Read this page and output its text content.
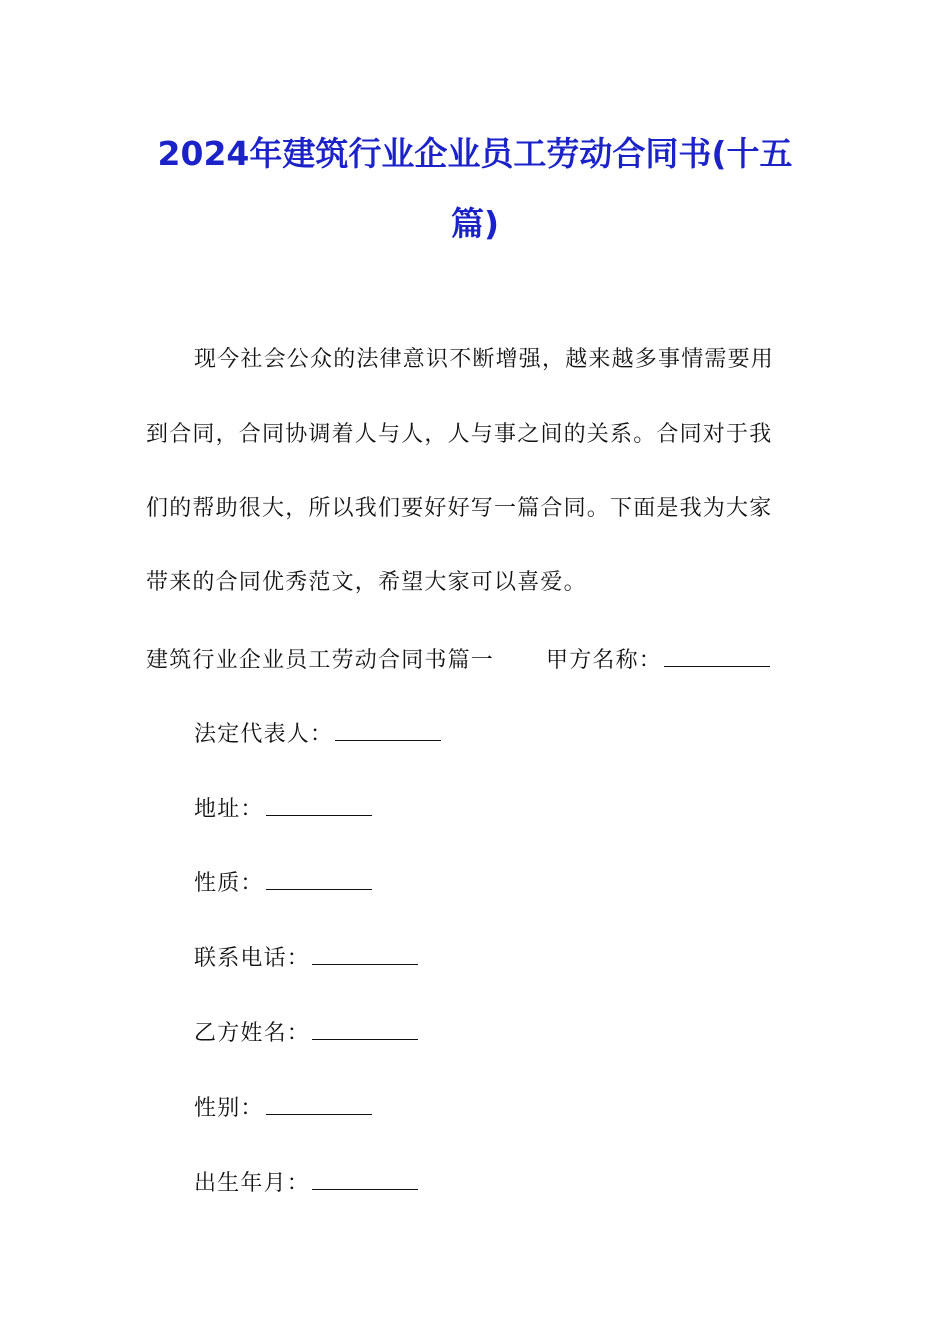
2024年建筑行业企业员工劳动合同书(十五
篇)
现今社会公众的法律意识不断增强，越来越多事情需要用
到合同，合同协调着人与人，人与事之间的关系。合同对于我
们的帮助很大，所以我们要好好写一篇合同。下面是我为大家
带来的合同优秀范文，希望大家可以喜爱。
建筑行业企业员工劳动合同书篇一 甲方名称：
法定代表人：
地址：
性质：
联系电话：
乙方姓名：
性别：
出生年月：
